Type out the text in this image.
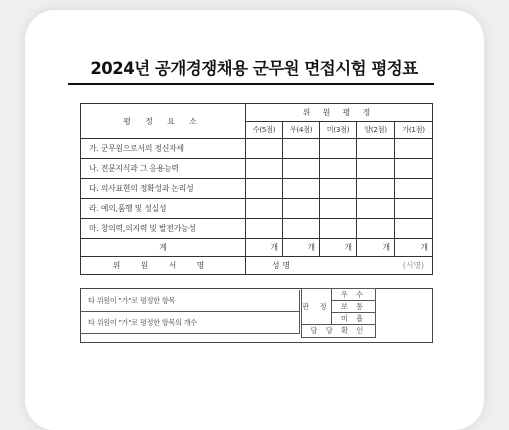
2024년 공개경쟁채용 군무원 면접시험 평정표
평 정 요 소	위 원 평 정				
	수(5점)	우(4점)	미(3점)	양(2점)	가(1점)
가. 군무원으로서의 정신자세					
나. 전문지식과 그 응용능력					
다. 의사표현의 정확성과 논리성					
라. 예의,품행 및 성실성					
마. 창의력,의지력 및 발전가능성					
계	개	개	개	개	개
위 원 서 명	성명 (서명)				
타 위원이 "가"로 평정한 항목
타 위원이 "가"로 평정한 항목의 개수
판 정	우 수
보 통
미 흡
담 당 확 인
